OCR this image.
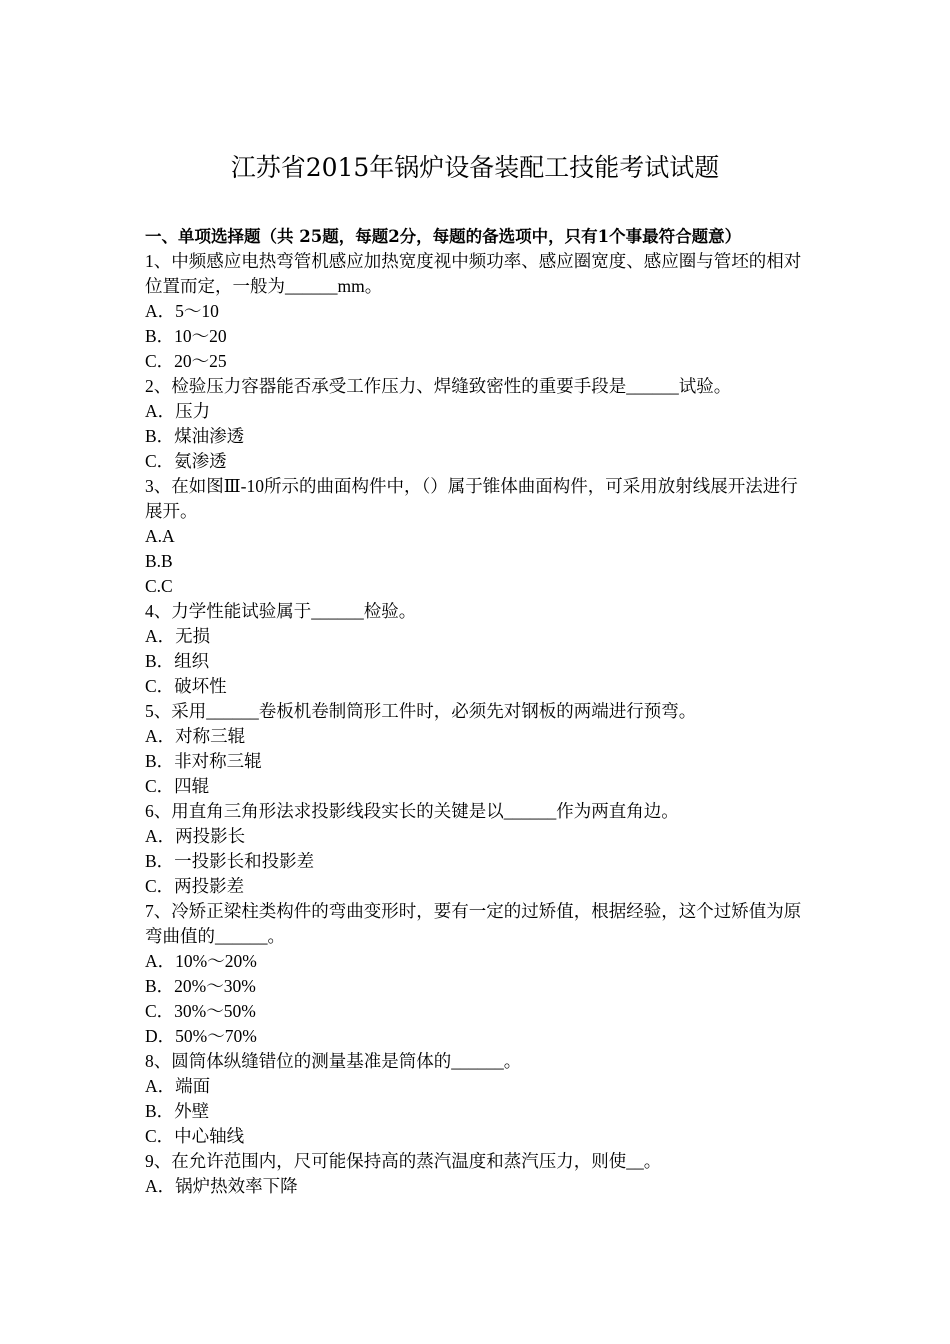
江苏省2015年锅炉设备装配工技能考试试题
一、单项选择题（共 25题，每题2分，每题的备选项中，只有1个事最符合题意）
1、中频感应电热弯管机感应加热宽度视中频功率、感应圈宽度、感应圈与管坯的相对位置而定，一般为______mm。
A．5～10
B．10～20
C．20～25
2、检验压力容器能否承受工作压力、焊缝致密性的重要手段是______试验。
A．压力
B．煤油渗透
C．氨渗透
3、在如图Ⅲ-10所示的曲面构件中，（）属于锥体曲面构件，可采用放射线展开法进行展开。
A.A
B.B
C.C
4、力学性能试验属于______检验。
A．无损
B．组织
C．破坏性
5、采用______卷板机卷制筒形工件时，必须先对钢板的两端进行预弯。
A．对称三辊
B．非对称三辊
C．四辊
6、用直角三角形法求投影线段实长的关键是以______作为两直角边。
A．两投影长
B．一投影长和投影差
C．两投影差
7、冷矫正梁柱类构件的弯曲变形时，要有一定的过矫值，根据经验，这个过矫值为原弯曲值的______。
A．10%～20%
B．20%～30%
C．30%～50%
D．50%～70%
8、圆筒体纵缝错位的测量基准是筒体的______。
A．端面
B．外壁
C．中心轴线
9、在允许范围内，尺可能保持高的蒸汽温度和蒸汽压力，则使__。
A．锅炉热效率下降
